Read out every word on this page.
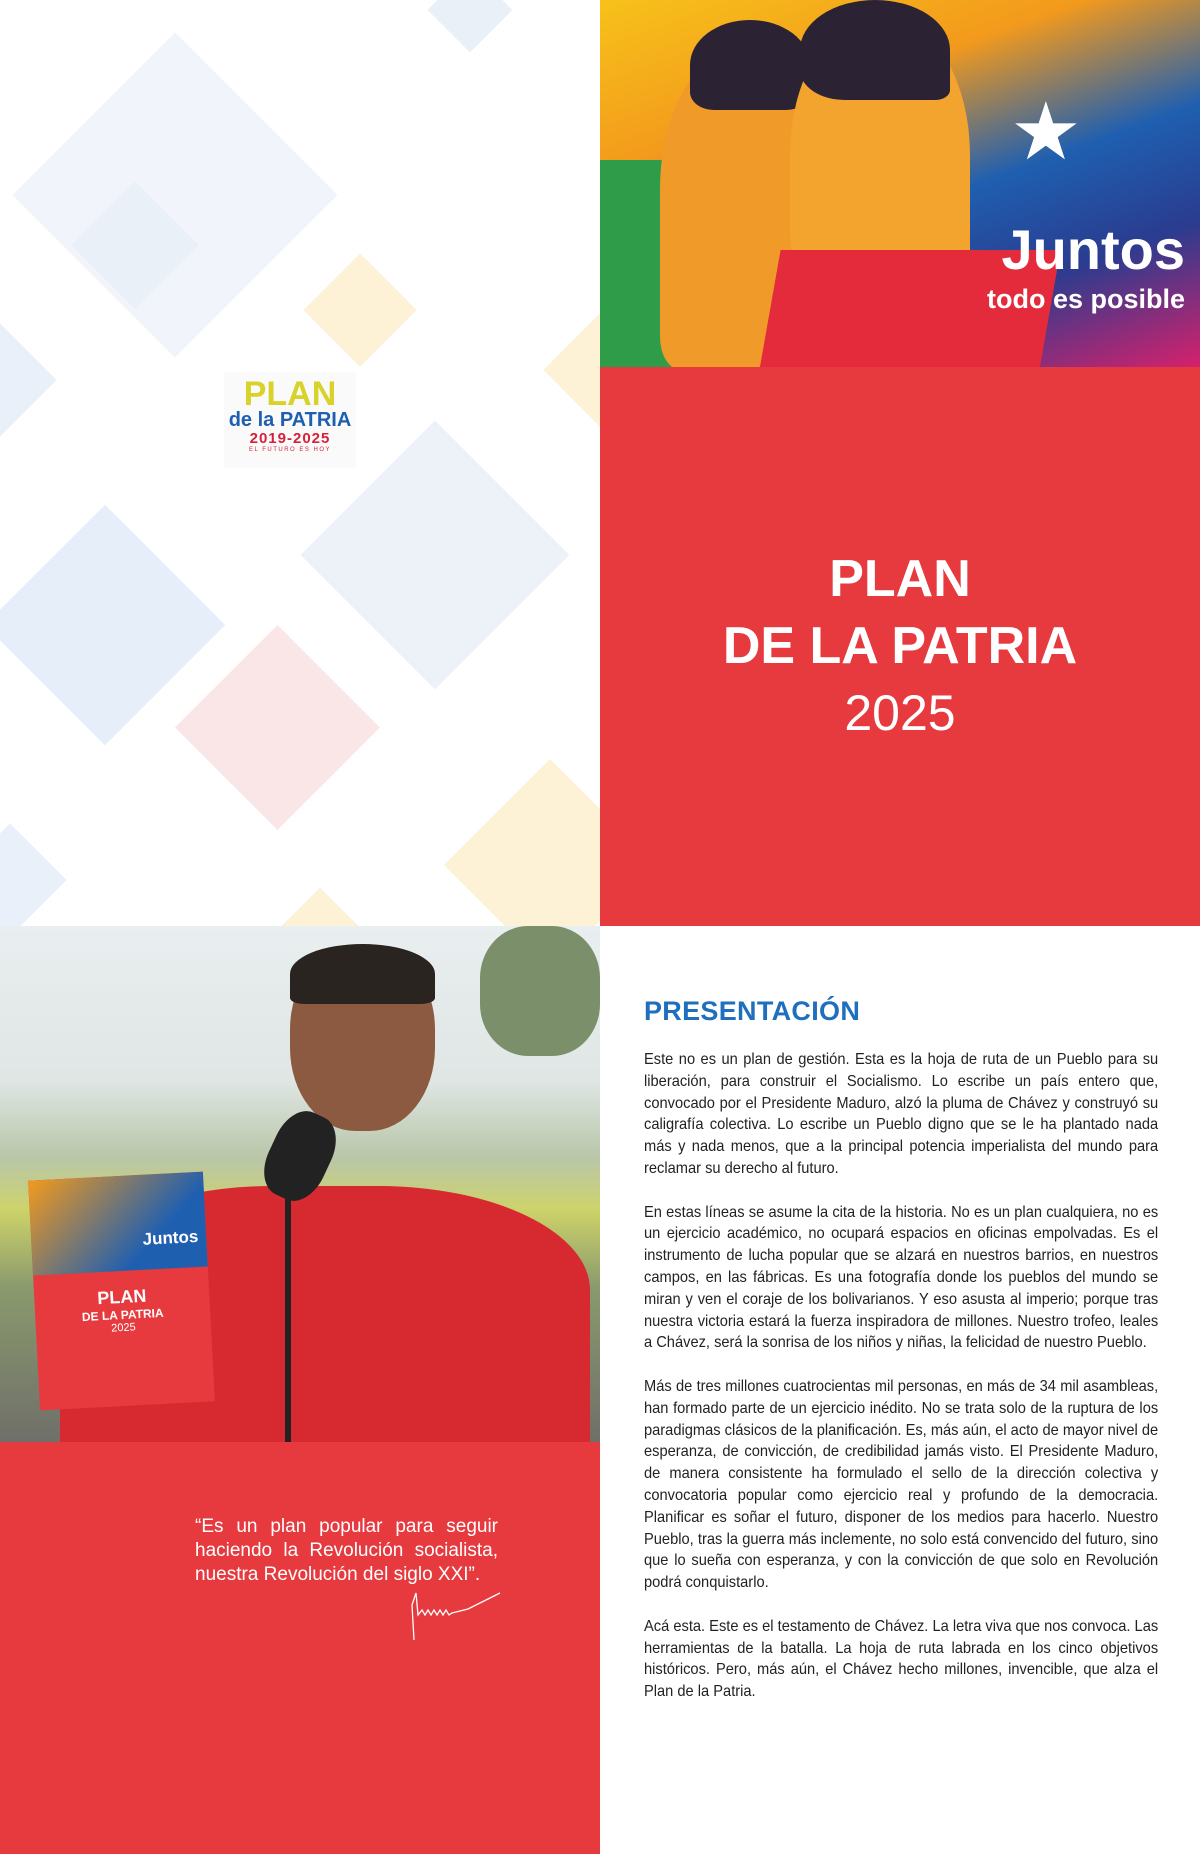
PLAN
de la PATRIA
2019-2025
EL FUTURO ES HOY
★
Juntos
todo es posible
PLAN
DE LA PATRIA
2025
Juntos
PLAN
DE LA PATRIA
2025
“Es un plan popular para seguir haciendo la Revolución socialista, nuestra Revolución del siglo XXI”.
PRESENTACIÓN

Este no es un plan de gestión. Esta es la hoja de ruta de un Pueblo para su liberación, para construir el Socialismo. Lo escribe un país entero que, convocado por el Presidente Maduro, alzó la pluma de Chávez y construyó su caligrafía colectiva. Lo escribe un Pueblo digno que se le ha plantado nada más y nada menos, que a la principal potencia imperialista del mundo para reclamar su derecho al futuro.

En estas líneas se asume la cita de la historia. No es un plan cualquiera, no es un ejercicio académico, no ocupará espacios en oficinas empolvadas. Es el instrumento de lucha popular que se alzará en nuestros barrios, en nuestros campos, en las fábricas. Es una fotografía donde los pueblos del mundo se miran y ven el coraje de los bolivarianos. Y eso asusta al imperio; porque tras nuestra victoria estará la fuerza inspiradora de millones. Nuestro trofeo, leales a Chávez, será la sonrisa de los niños y niñas, la felicidad de nuestro Pueblo.

Más de tres millones cuatrocientas mil personas, en más de 34 mil asambleas, han formado parte de un ejercicio inédito. No se trata solo de la ruptura de los paradigmas clásicos de la planificación. Es, más aún, el acto de mayor nivel de esperanza, de convicción, de credibilidad jamás visto. El Presidente Maduro, de manera consistente ha formulado el sello de la dirección colectiva y convocatoria popular como ejercicio real y profundo de la democracia. Planificar es soñar el futuro, disponer de los medios para hacerlo. Nuestro Pueblo, tras la guerra más inclemente, no solo está convencido del futuro, sino que lo sueña con esperanza, y con la convicción de que solo en Revolución podrá conquistarlo.

Acá esta. Este es el testamento de Chávez. La letra viva que nos convoca. Las herramientas de la batalla. La hoja de ruta labrada en los cinco objetivos históricos. Pero, más aún, el Chávez hecho millones, invencible, que alza el Plan de la Patria.
